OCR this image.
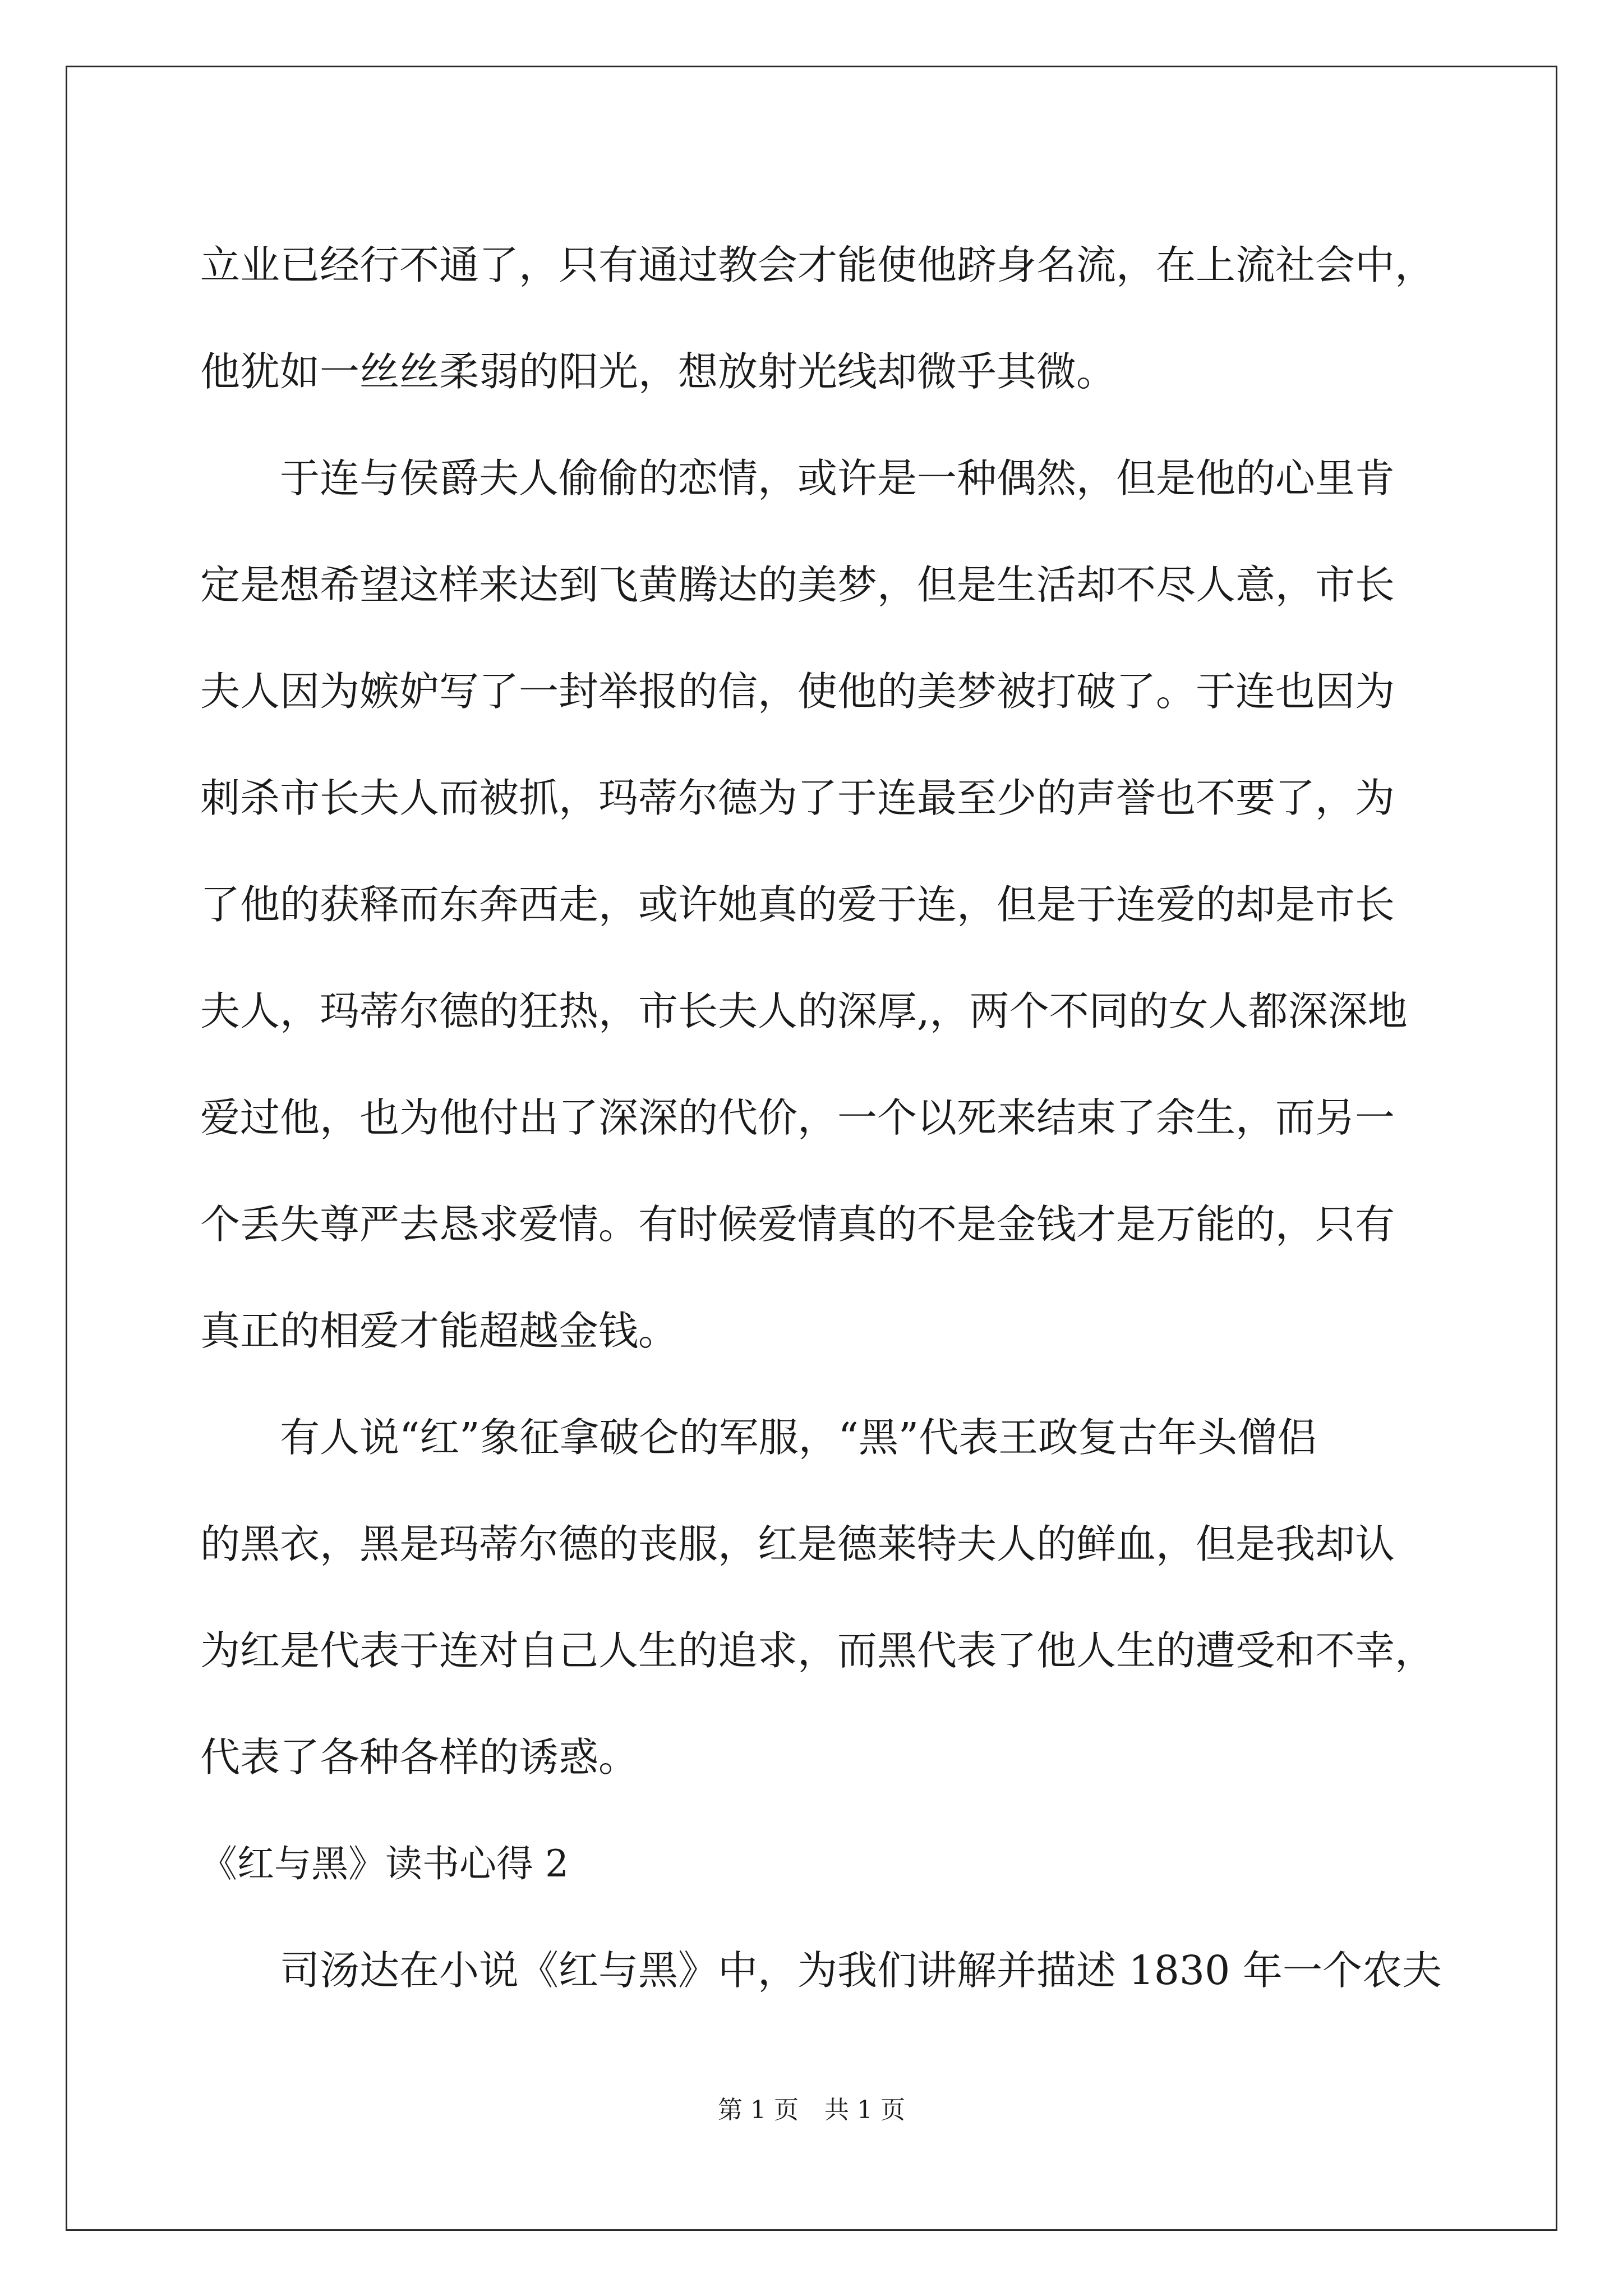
立业已经行不通了，只有通过教会才能使他跻身名流，在上流社会中，
他犹如一丝丝柔弱的阳光，想放射光线却微乎其微。
于连与侯爵夫人偷偷的恋情，或许是一种偶然，但是他的心里肯
定是想希望这样来达到飞黄腾达的美梦，但是生活却不尽人意，市长
夫人因为嫉妒写了一封举报的信，使他的美梦被打破了。于连也因为
刺杀市长夫人而被抓，玛蒂尔德为了于连最至少的声誉也不要了，为
了他的获释而东奔西走，或许她真的爱于连，但是于连爱的却是市长
夫人，玛蒂尔德的狂热，市长夫人的深厚,，两个不同的女人都深深地
爱过他，也为他付出了深深的代价，一个以死来结束了余生，而另一
个丢失尊严去恳求爱情。有时候爱情真的不是金钱才是万能的，只有
真正的相爱才能超越金钱。
有人说“红”象征拿破仑的军服，“黑”代表王政复古年头僧侣
的黑衣，黑是玛蒂尔德的丧服，红是德莱特夫人的鲜血，但是我却认
为红是代表于连对自己人生的追求，而黑代表了他人生的遭受和不幸，
代表了各种各样的诱惑。
《红与黑》读书心得 2
司汤达在小说《红与黑》中，为我们讲解并描述 1830 年一个农夫
第 1 页 共 1 页
